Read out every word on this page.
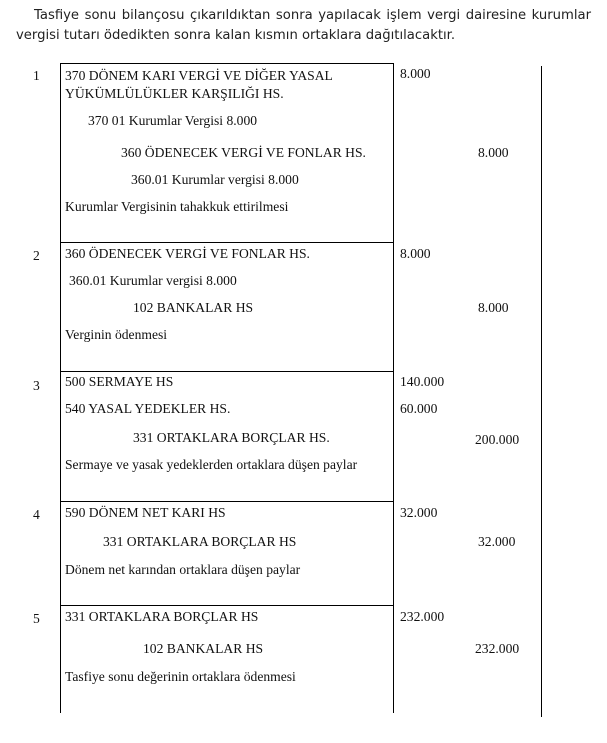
Tasfiye sonu bilançosu çıkarıldıktan sonra yapılacak işlem vergi dairesine kurumlar vergisi tutarı ödedikten sonra kalan kısmın ortaklara dağıtılacaktır.

1 370 DÖNEM KARI VERGİ VE DİĞER YASAL
YÜKÜMLÜLÜKLER KARŞILIĞI HS.
370 01 Kurumlar Vergisi 8.000
360 ÖDENECEK VERGİ VE FONLAR HS.
360.01 Kurumlar vergisi 8.000
Kurumlar Vergisinin tahakkuk ettirilmesi
8.000
8.000
2 360 ÖDENECEK VERGİ VE FONLAR HS.
360.01 Kurumlar vergisi 8.000
102 BANKALAR HS
Verginin ödenmesi
8.000
8.000
3 500 SERMAYE HS
540 YASAL YEDEKLER HS.
331 ORTAKLARA BORÇLAR HS.
Sermaye ve yasak yedeklerden ortaklara düşen paylar
140.000
60.000
200.000
4 590 DÖNEM NET KARI HS
331 ORTAKLARA BORÇLAR HS
Dönem net karından ortaklara düşen paylar
32.000
32.000
5 331 ORTAKLARA BORÇLAR HS
102 BANKALAR HS
Tasfiye sonu değerinin ortaklara ödenmesi
232.000
232.000
